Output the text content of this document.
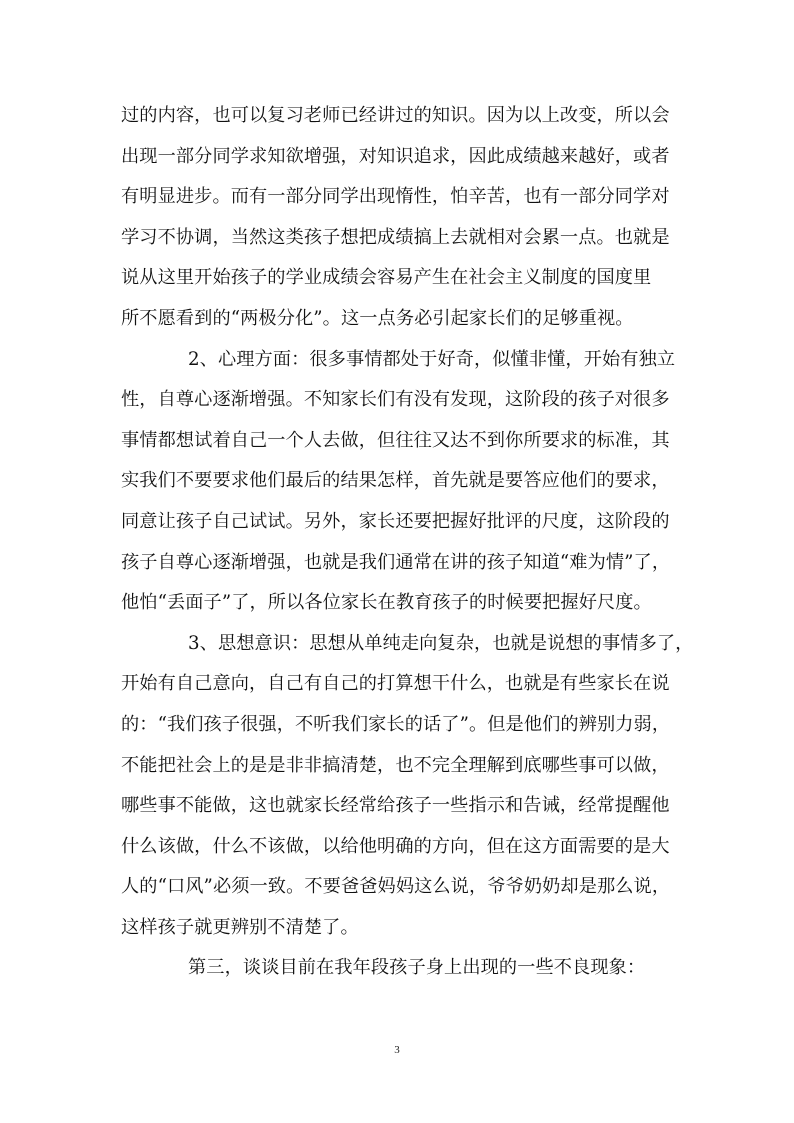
过的内容，也可以复习老师已经讲过的知识。因为以上改变，所以会
出现一部分同学求知欲增强，对知识追求，因此成绩越来越好，或者
有明显进步。而有一部分同学出现惰性，怕辛苦，也有一部分同学对
学习不协调，当然这类孩子想把成绩搞上去就相对会累一点。也就是
说从这里开始孩子的学业成绩会容易产生在社会主义制度的国度里
所不愿看到的“两极分化”。这一点务必引起家长们的足够重视。
2、心理方面：很多事情都处于好奇，似懂非懂，开始有独立
性，自尊心逐渐增强。不知家长们有没有发现，这阶段的孩子对很多
事情都想试着自己一个人去做，但往往又达不到你所要求的标准，其
实我们不要要求他们最后的结果怎样，首先就是要答应他们的要求，
同意让孩子自己试试。另外，家长还要把握好批评的尺度，这阶段的
孩子自尊心逐渐增强，也就是我们通常在讲的孩子知道“难为情”了，
他怕“丢面子”了，所以各位家长在教育孩子的时候要把握好尺度。
3、思想意识：思想从单纯走向复杂，也就是说想的事情多了，
开始有自己意向，自己有自己的打算想干什么，也就是有些家长在说
的：“我们孩子很强，不听我们家长的话了”。但是他们的辨别力弱，
不能把社会上的是是非非搞清楚，也不完全理解到底哪些事可以做，
哪些事不能做，这也就家长经常给孩子一些指示和告诫，经常提醒他
什么该做，什么不该做，以给他明确的方向，但在这方面需要的是大
人的“口风”必须一致。不要爸爸妈妈这么说，爷爷奶奶却是那么说，
这样孩子就更辨别不清楚了。
第三，谈谈目前在我年段孩子身上出现的一些不良现象：
3
